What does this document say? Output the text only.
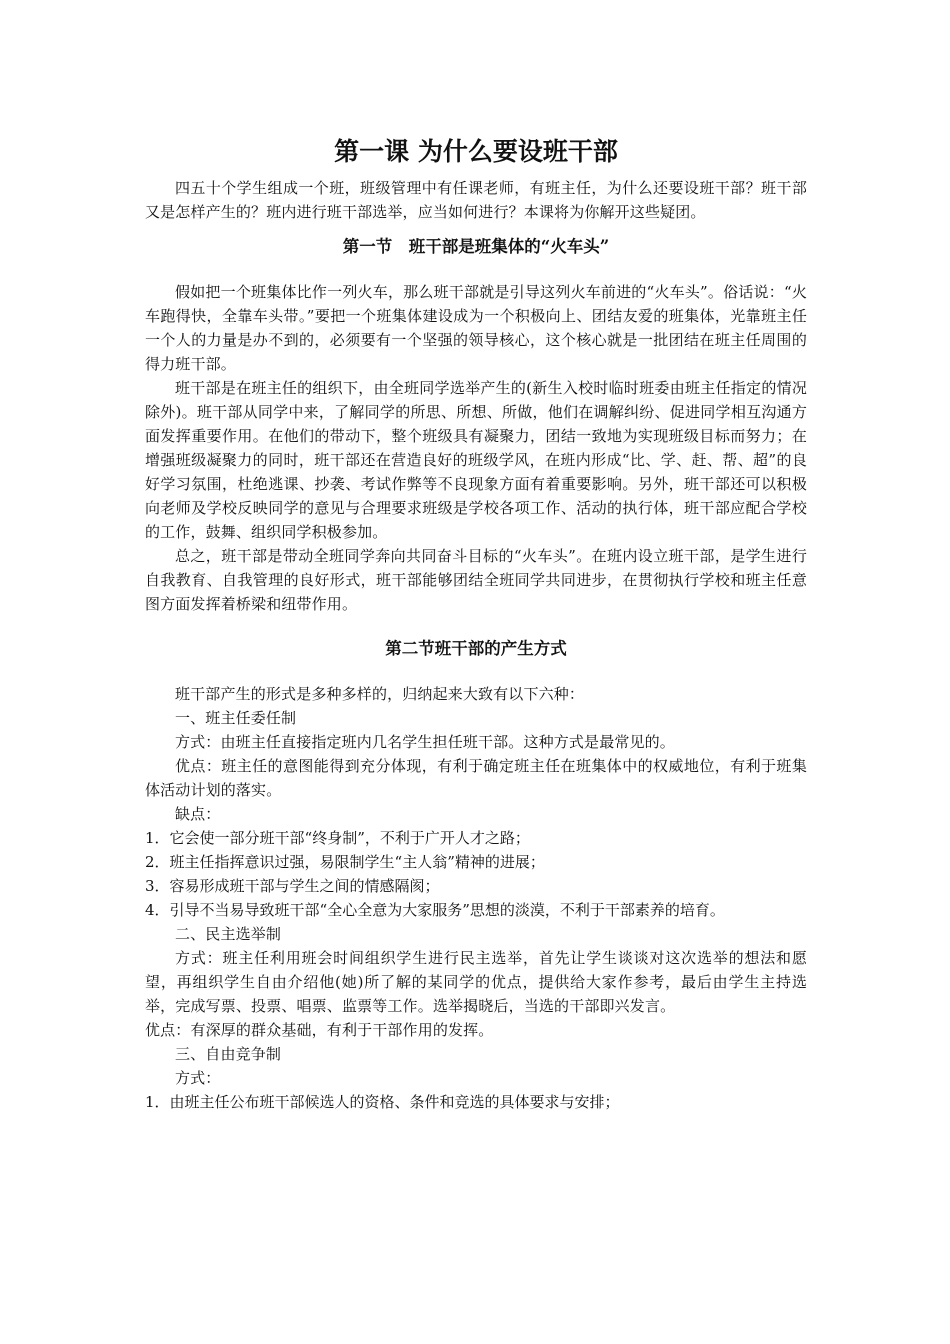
第一课 为什么要设班干部

四五十个学生组成一个班，班级管理中有任课老师，有班主任，为什么还要设班干部？班干部又是怎样产生的？班内进行班干部选举，应当如何进行？本课将为你解开这些疑团。

第一节　班干部是班集体的“火车头”

假如把一个班集体比作一列火车，那么班干部就是引导这列火车前进的“火车头”。俗话说：“火车跑得快，全靠车头带。”要把一个班集体建设成为一个积极向上、团结友爱的班集体，光靠班主任一个人的力量是办不到的，必须要有一个坚强的领导核心，这个核心就是一批团结在班主任周围的得力班干部。

班干部是在班主任的组织下，由全班同学选举产生的(新生入校时临时班委由班主任指定的情况除外)。班干部从同学中来，了解同学的所思、所想、所做，他们在调解纠纷、促进同学相互沟通方面发挥重要作用。在他们的带动下，整个班级具有凝聚力，团结一致地为实现班级目标而努力；在增强班级凝聚力的同时，班干部还在营造良好的班级学风，在班内形成“比、学、赶、帮、超”的良好学习氛围，杜绝逃课、抄袭、考试作弊等不良现象方面有着重要影响。另外，班干部还可以积极向老师及学校反映同学的意见与合理要求班级是学校各项工作、活动的执行体，班干部应配合学校的工作，鼓舞、组织同学积极参加。

总之，班干部是带动全班同学奔向共同奋斗目标的“火车头”。在班内设立班干部，是学生进行自我教育、自我管理的良好形式，班干部能够团结全班同学共同进步，在贯彻执行学校和班主任意图方面发挥着桥梁和纽带作用。

第二节班干部的产生方式

班干部产生的形式是多种多样的，归纳起来大致有以下六种：

一、班主任委任制

方式：由班主任直接指定班内几名学生担任班干部。这种方式是最常见的。

优点：班主任的意图能得到充分体现，有利于确定班主任在班集体中的权威地位，有利于班集体活动计划的落实。

缺点：

1．它会使一部分班干部“终身制”，不利于广开人才之路；

2．班主任指挥意识过强，易限制学生“主人翁”精神的进展；

3．容易形成班干部与学生之间的情感隔阂；

4．引导不当易导致班干部“全心全意为大家服务”思想的淡漠，不利于干部素养的培育。

二、民主选举制

方式：班主任利用班会时间组织学生进行民主选举，首先让学生谈谈对这次选举的想法和愿望，再组织学生自由介绍他(她)所了解的某同学的优点，提供给大家作参考，最后由学生主持选举，完成写票、投票、唱票、监票等工作。选举揭晓后，当选的干部即兴发言。

优点：有深厚的群众基础，有利于干部作用的发挥。

三、自由竞争制

方式：

1．由班主任公布班干部候选人的资格、条件和竞选的具体要求与安排；
